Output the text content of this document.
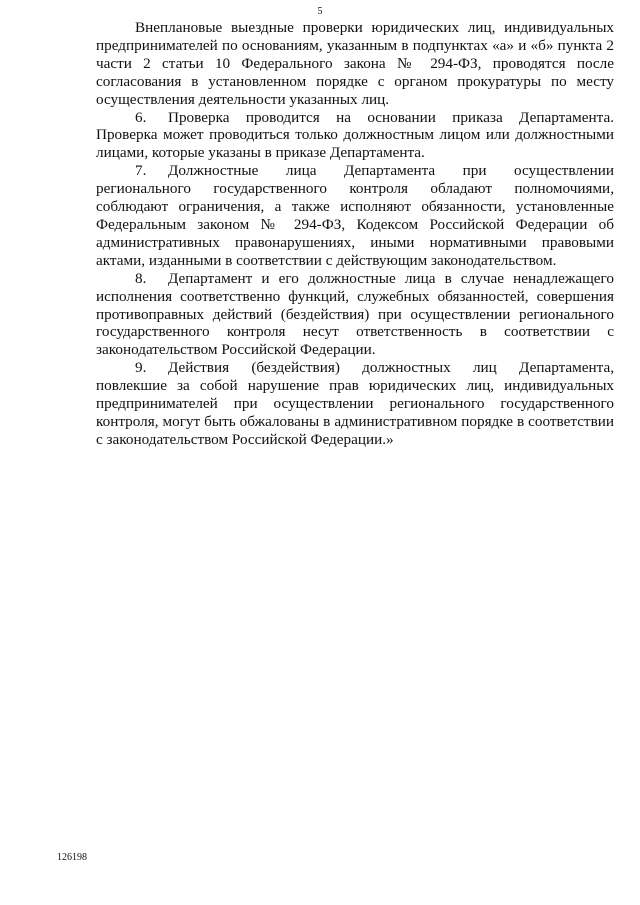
5

Внеплановые выездные проверки юридических лиц, индивидуальных предпринимателей по основаниям, указанным в подпунктах «а» и «б» пункта 2 части 2 статьи 10 Федерального закона № 294-ФЗ, проводятся после согласования в установленном порядке с органом прокуратуры по месту осуществления деятельности указанных лиц.

6. Проверка проводится на основании приказа Департамента. Проверка может проводиться только должностным лицом или должностными лицами, которые указаны в приказе Департамента.

7. Должностные лица Департамента при осуществлении регионального государственного контроля обладают полномочиями, соблюдают ограничения, а также исполняют обязанности, установленные Федеральным законом № 294-ФЗ, Кодексом Российской Федерации об административных правонарушениях, иными нормативными правовыми актами, изданными в соответствии с действующим законодательством.

8. Департамент и его должностные лица в случае ненадлежащего исполнения соответственно функций, служебных обязанностей, совершения противоправных действий (бездействия) при осуществлении регионального государственного контроля несут ответственность в соответствии с законодательством Российской Федерации.

9. Действия (бездействия) должностных лиц Департамента, повлекшие за собой нарушение прав юридических лиц, индивидуальных предпринимателей при осуществлении регионального государственного контроля, могут быть обжалованы в административном порядке в соответствии с законодательством Российской Федерации.»

126198
